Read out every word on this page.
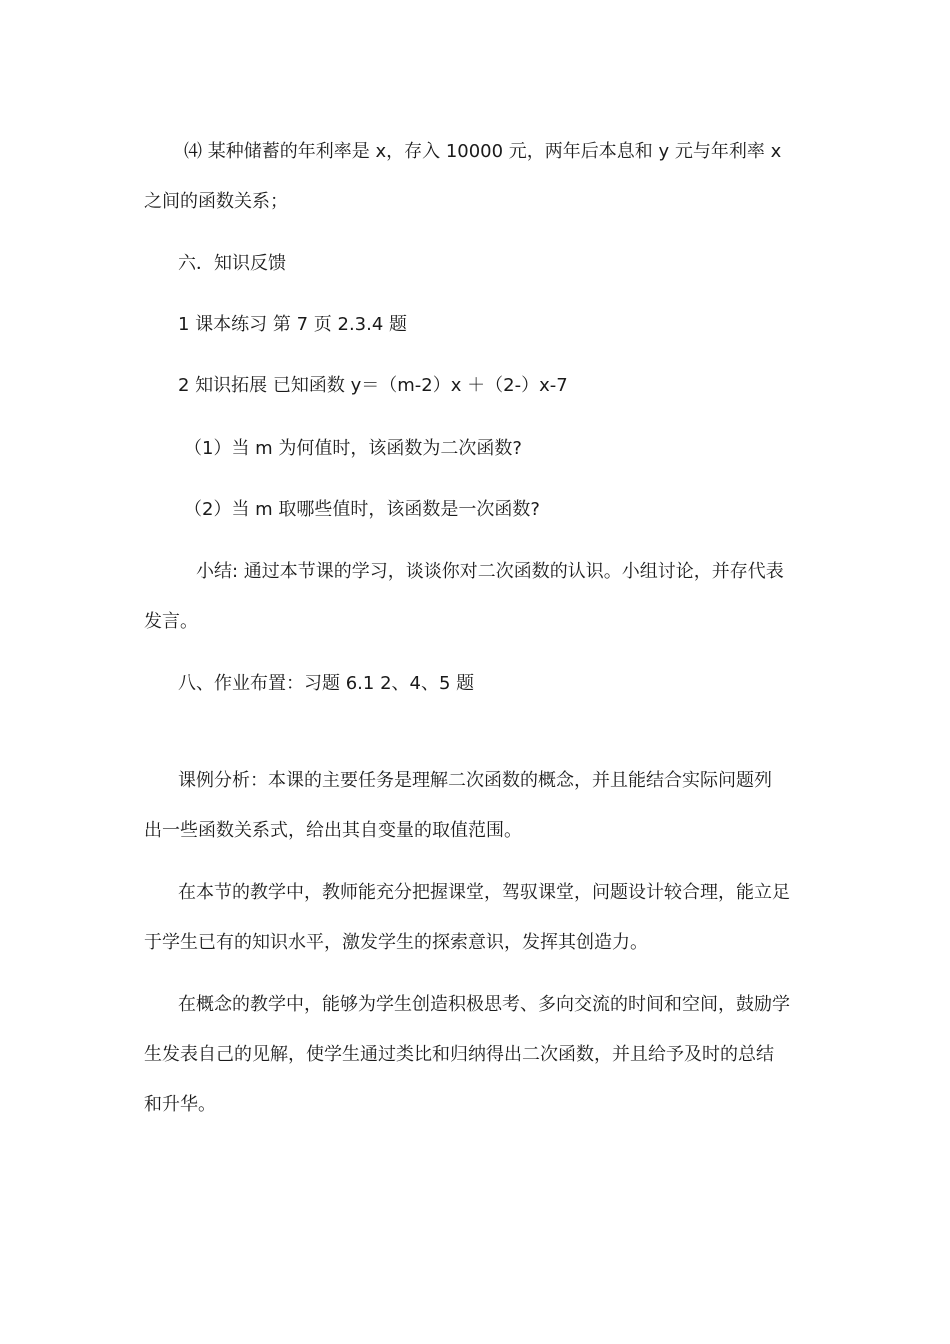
⑷ 某种储蓄的年利率是 x，存入 10000 元，两年后本息和 y 元与年利率 x
之间的函数关系；
六．知识反馈
1 课本练习 第 7 页 2.3.4 题
2 知识拓展 已知函数 y＝（m-2）x ＋（2-）x-7
（1）当 m 为何值时，该函数为二次函数?
（2）当 m 取哪些值时，该函数是一次函数?
小结: 通过本节课的学习，谈谈你对二次函数的认识。小组讨论，并存代表
发言。
八、作业布置：习题 6.1 2、4、5 题
课例分析：本课的主要任务是理解二次函数的概念，并且能结合实际问题列
出一些函数关系式，给出其自变量的取值范围。
在本节的教学中，教师能充分把握课堂，驾驭课堂，问题设计较合理，能立足
于学生已有的知识水平，激发学生的探索意识，发挥其创造力。
在概念的教学中，能够为学生创造积极思考、多向交流的时间和空间，鼓励学
生发表自己的见解，使学生通过类比和归纳得出二次函数，并且给予及时的总结
和升华。
